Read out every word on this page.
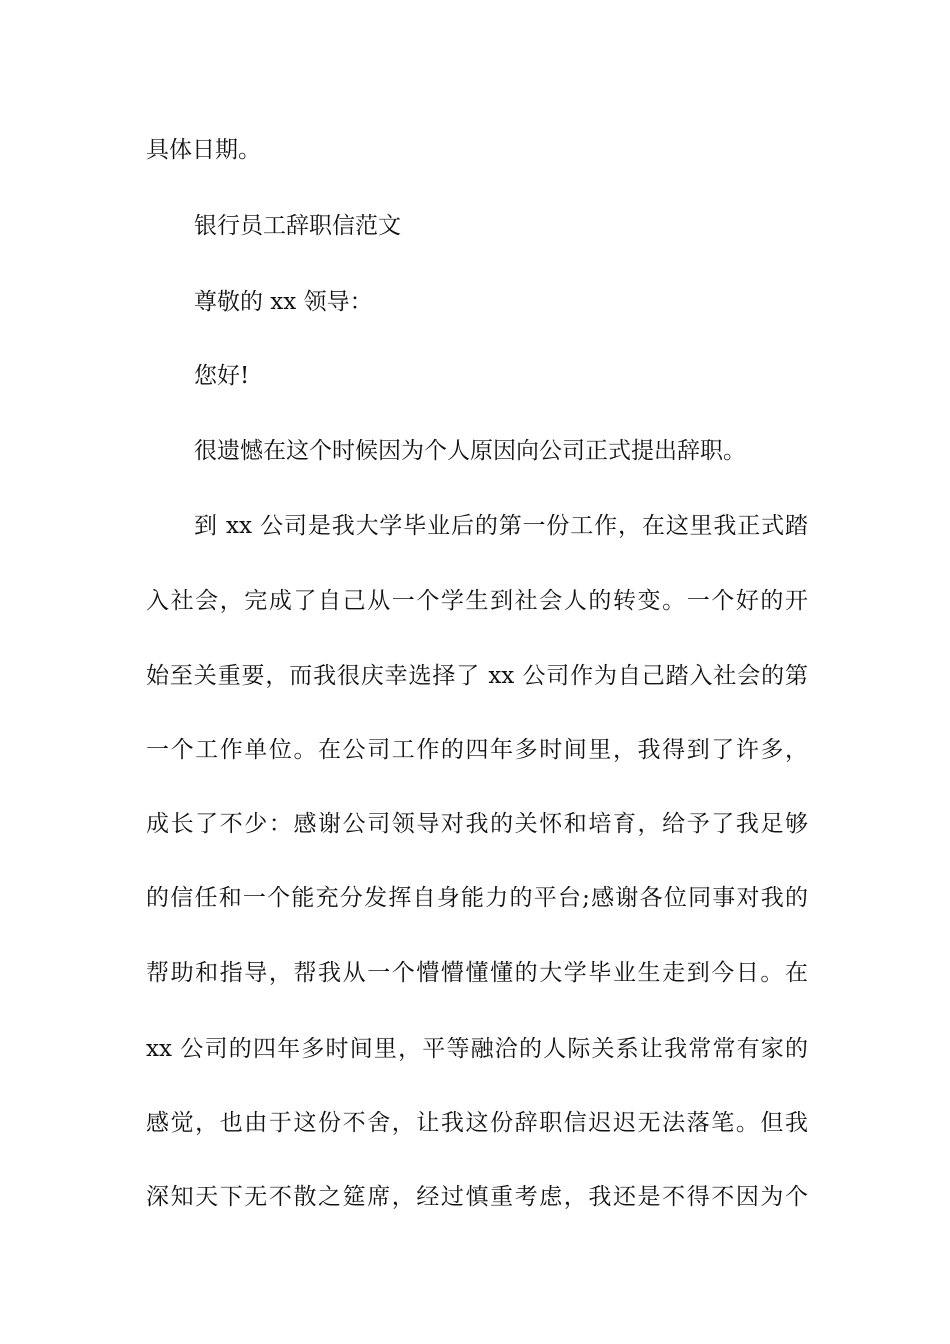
具体日期。
银行员工辞职信范文
尊敬的 xx 领导：
您好!
很遗憾在这个时候因为个人原因向公司正式提出辞职。
到 xx 公司是我大学毕业后的第一份工作，在这里我正式踏
入社会，完成了自己从一个学生到社会人的转变。一个好的开
始至关重要，而我很庆幸选择了 xx 公司作为自己踏入社会的第
一个工作单位。在公司工作的四年多时间里，我得到了许多，
成长了不少：感谢公司领导对我的关怀和培育，给予了我足够
的信任和一个能充分发挥自身能力的平台;感谢各位同事对我的
帮助和指导，帮我从一个懵懵懂懂的大学毕业生走到今日。在
xx 公司的四年多时间里，平等融洽的人际关系让我常常有家的
感觉，也由于这份不舍，让我这份辞职信迟迟无法落笔。但我
深知天下无不散之筵席，经过慎重考虑，我还是不得不因为个
